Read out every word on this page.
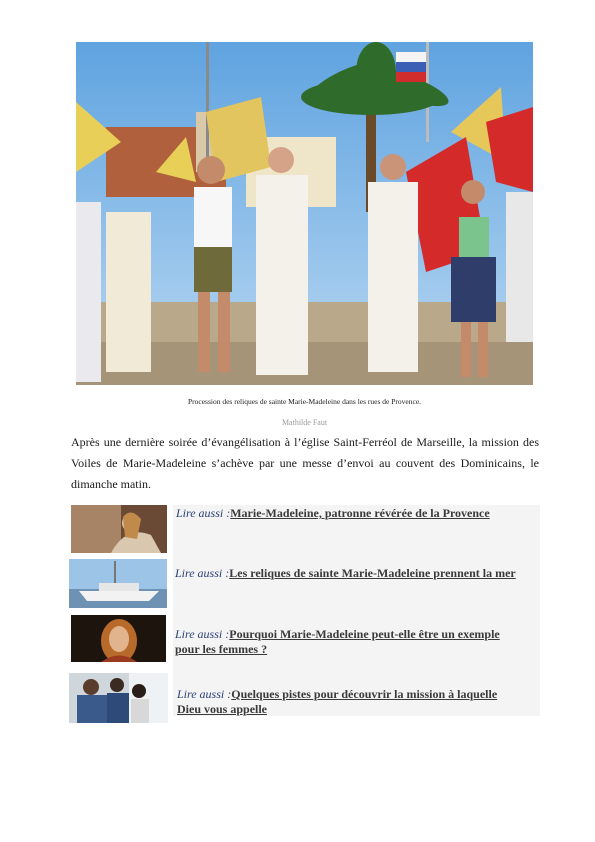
Procession des reliques de sainte Marie-Madeleine dans les rues de Provence.
Mathilde Faut

Après une dernière soirée d’évangélisation à l’église Saint-Ferréol de Marseille, la mission des Voiles de Marie-Madeleine s’achève par une messe d’envoi au couvent des Dominicains, le dimanche matin.

Lire aussi :Marie-Madeleine, patronne révérée de la Provence
Lire aussi :Les reliques de sainte Marie-Madeleine prennent la mer
Lire aussi :Pourquoi Marie-Madeleine peut-elle être un exemple pour les femmes ?
Lire aussi :Quelques pistes pour découvrir la mission à laquelle Dieu vous appelle
